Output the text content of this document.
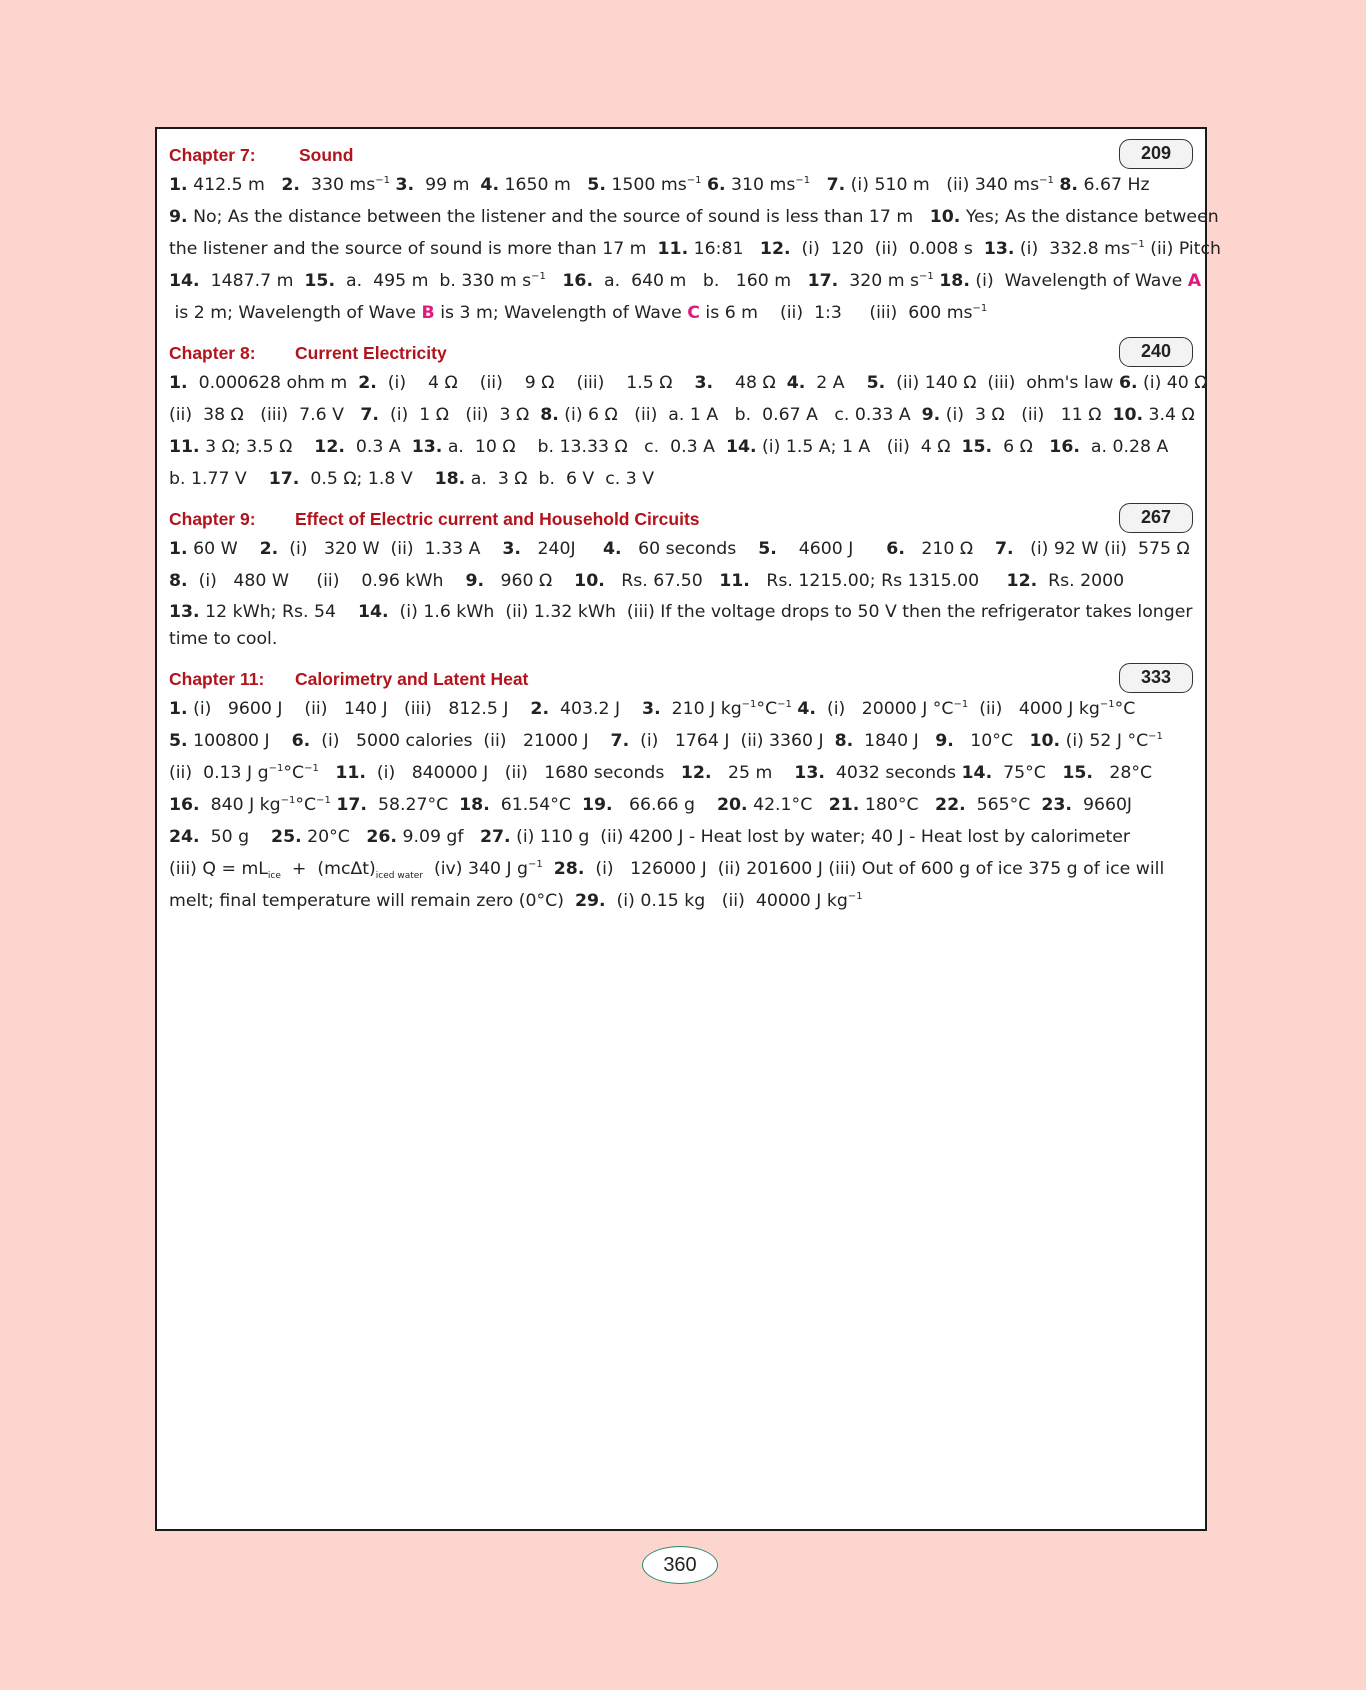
Chapter 7: Sound	209
1. 412.5 m   2.  330 $ms^{-1}$ 3.  99 m  4. 1650 m   5. 1500 $ms^{-1}$ 6. 310 $ms^{-1}$ 7. (i) 510 m   (ii) 340 $ms^{-1}$ 8. 6.67 Hz
9. No; As the distance between the listener and the source of sound is less than 17 m   10. Yes; As the distance between
the listener and the source of sound is more than 17 m  11. 16:81   12.  (i)  120  (ii)  0.008 s  13. (i)  332.8 $ms^{-1}$ (ii) Pitch
14.  1487.7 m  15.  a.  495 m  b. 330 m $s^{-1}$ 16.  a.  640 m   b.   160 m   17.  320 m $s^{-1}$ 18. (i)  Wavelength of Wave A
is 2 m; Wavelength of Wave B is 3 m; Wavelength of Wave C is 6 m    (ii)  1:3     (iii)  600 $ms^{-1}$
Chapter 8: Current Electricity	240
1.  0.000628 ohm m  2.  (i)    4 Ω    (ii)    9 Ω    (iii)    1.5 Ω    3.    48 Ω  4.  2 A    5.  (ii) 140 Ω  (iii)  ohm's law 6. (i) 40 Ω
(ii)  38 Ω   (iii)  7.6 V   7.  (i)  1 Ω   (ii)  3 Ω  8. (i) 6 Ω   (ii)  a. 1 A   b.  0.67 A   c. 0.33 A  9. (i)  3 Ω   (ii)   11 Ω  10. 3.4 Ω
11. 3 Ω; 3.5 Ω    12.  0.3 A  13. a.  10 Ω    b. 13.33 Ω   c.  0.3 A  14. (i) 1.5 A; 1 A   (ii)  4 Ω  15.  6 Ω   16.  a. 0.28 A
b. 1.77 V    17.  0.5 Ω; 1.8 V    18. a.  3 Ω  b.  6 V  c. 3 V
Chapter 9: Effect of Electric current and Household Circuits	267
1. 60 W    2.  (i)   320 W  (ii)  1.33 A    3.   240J     4.   60 seconds    5.    4600 J      6.   210 Ω    7.   (i) 92 W (ii)  575 Ω
8.  (i)   480 W     (ii)    0.96 kWh    9.   960 Ω    10.   Rs. 67.50   11.   Rs. 1215.00; Rs 1315.00     12.  Rs. 2000
13. 12 kWh; Rs. 54    14.  (i) 1.6 kWh  (ii) 1.32 kWh  (iii) If the voltage drops to 50 V then the refrigerator takes longer time to cool.
Chapter 11: Calorimetry and Latent Heat	333
1. (i)   9600 J    (ii)   140 J   (iii)   812.5 J    2.  403.2 J    3.  210 J $kg^{-1}^\circ C^{-1}$ 4.  (i)   20000 J $^\circ C^{-1}$  (ii)   4000 J $kg^{-1}^\circ C$
5. 100800 J    6.  (i)   5000 calories  (ii)   21000 J    7.  (i)   1764 J  (ii) 3360 J  8.  1840 J   9.   10°C   10. (i) 52 J $^\circ C^{-1}$
(ii)  0.13 J $g^{-1}^\circ C^{-1}$ 11.  (i)   840000 J   (ii)   1680 seconds   12.   25 m    13.  4032 seconds 14.  75°C   15.   28°C
16.  840 J $kg^{-1}^\circ C^{-1}$ 17.  58.27°C  18.  61.54°C  19.   66.66 g    20. 42.1°C   21. 180°C   22.  565°C  23.  9660J
24.  50 g    25. 20°C   26. 9.09 gf   27. (i) 110 g  (ii) 4200 J - Heat lost by water; 40 J - Heat lost by calorimeter
(iii) $Q = mL_{ice} + (mc\Delta t)_{iced water}$  (iv) 340 J $g^{-1}$ 28.  (i)   126000 J  (ii) 201600 J (iii) Out of 600 g of ice 375 g of ice will
melt; final temperature will remain zero (0°C)  29.  (i) 0.15 kg   (ii)  40000 J $kg^{-1}$
360
